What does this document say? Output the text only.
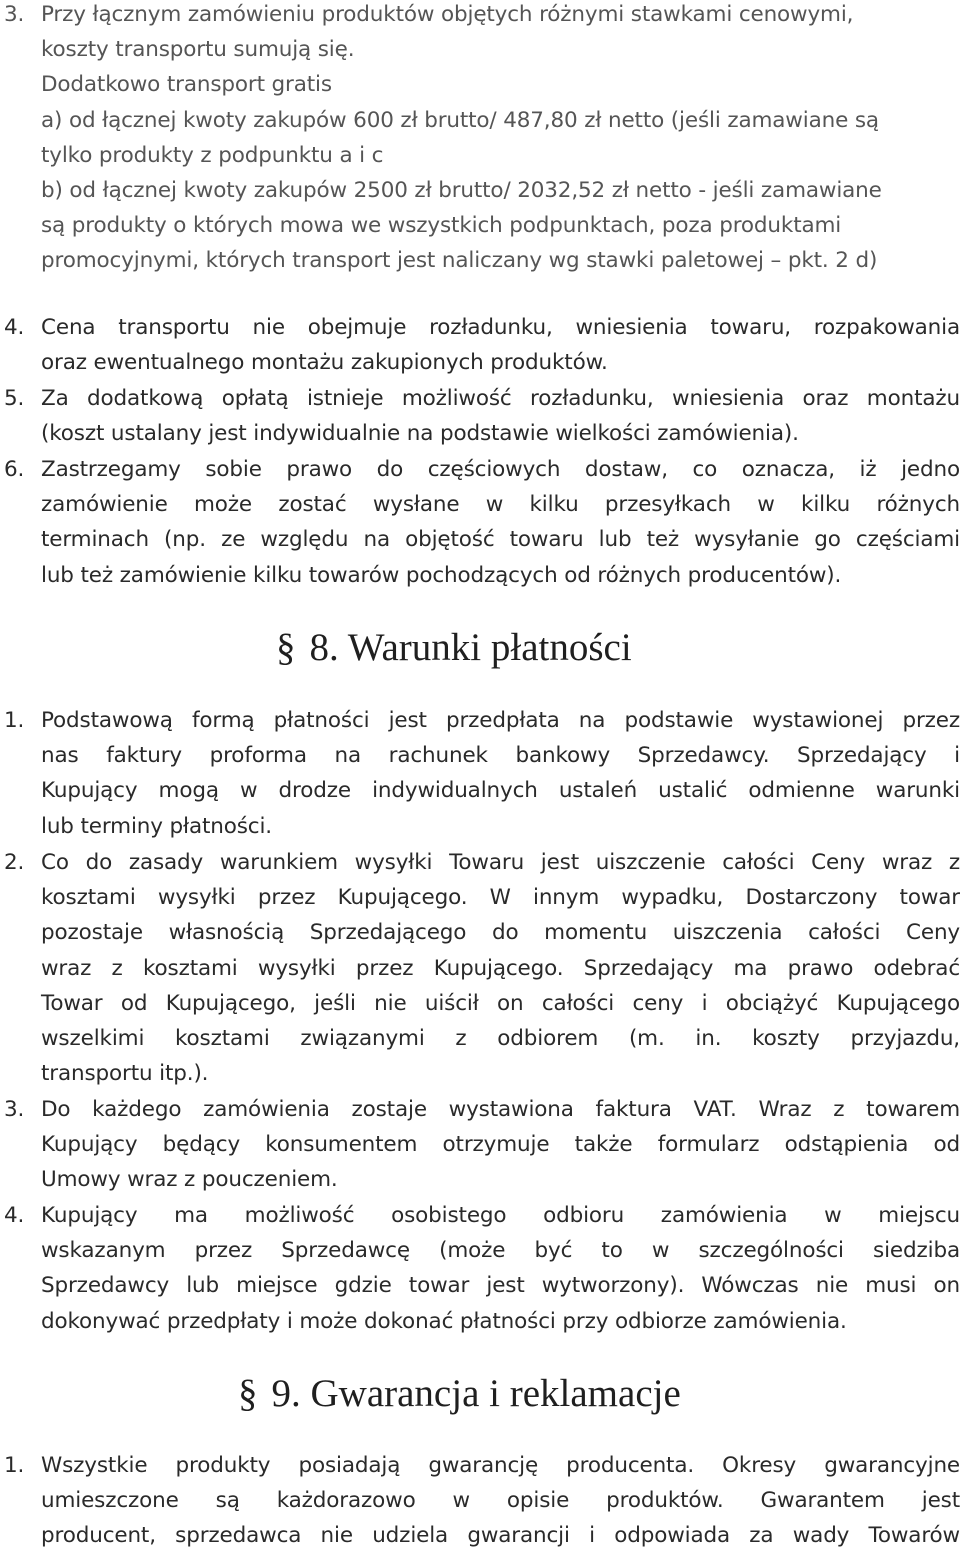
3. Przy łącznym zamówieniu produktów objętych różnymi stawkami cenowymi,
koszty transportu sumują się.
Dodatkowo transport gratis
a) od łącznej kwoty zakupów 600 zł brutto/ 487,80 zł netto (jeśli zamawiane są
tylko produkty z podpunktu a i c
b) od łącznej kwoty zakupów 2500 zł brutto/ 2032,52 zł netto - jeśli zamawiane
są produkty o których mowa we wszystkich podpunktach, poza produktami
promocyjnymi, których transport jest naliczany wg stawki paletowej – pkt. 2 d)
4. Cena transportu nie obejmuje rozładunku, wniesienia towaru, rozpakowania
oraz ewentualnego montażu zakupionych produktów.
5. Za dodatkową opłatą istnieje możliwość rozładunku, wniesienia oraz montażu
(koszt ustalany jest indywidualnie na podstawie wielkości zamówienia).
6. Zastrzegamy sobie prawo do częściowych dostaw, co oznacza, iż jedno
zamówienie może zostać wysłane w kilku przesyłkach w kilku różnych
terminach (np. ze względu na objętość towaru lub też wysyłanie go częściami
lub też zamówienie kilku towarów pochodzących od różnych producentów).
§ 8. Warunki płatności
1. Podstawową formą płatności jest przedpłata na podstawie wystawionej przez
nas faktury proforma na rachunek bankowy Sprzedawcy. Sprzedający i
Kupujący mogą w drodze indywidualnych ustaleń ustalić odmienne warunki
lub terminy płatności.
2. Co do zasady warunkiem wysyłki Towaru jest uiszczenie całości Ceny wraz z
kosztami wysyłki przez Kupującego. W innym wypadku, Dostarczony towar
pozostaje własnością Sprzedającego do momentu uiszczenia całości Ceny
wraz z kosztami wysyłki przez Kupującego. Sprzedający ma prawo odebrać
Towar od Kupującego, jeśli nie uiścił on całości ceny i obciążyć Kupującego
wszelkimi kosztami związanymi z odbiorem (m. in. koszty przyjazdu,
transportu itp.).
3. Do każdego zamówienia zostaje wystawiona faktura VAT. Wraz z towarem
Kupujący będący konsumentem otrzymuje także formularz odstąpienia od
Umowy wraz z pouczeniem.
4. Kupujący ma możliwość osobistego odbioru zamówienia w miejscu
wskazanym przez Sprzedawcę (może być to w szczególności siedziba
Sprzedawcy lub miejsce gdzie towar jest wytworzony). Wówczas nie musi on
dokonywać przedpłaty i może dokonać płatności przy odbiorze zamówienia.
§ 9. Gwarancja i reklamacje
1. Wszystkie produkty posiadają gwarancję producenta. Okresy gwarancyjne
umieszczone są każdorazowo w opisie produktów. Gwarantem jest
producent, sprzedawca nie udziela gwarancji i odpowiada za wady Towarów
